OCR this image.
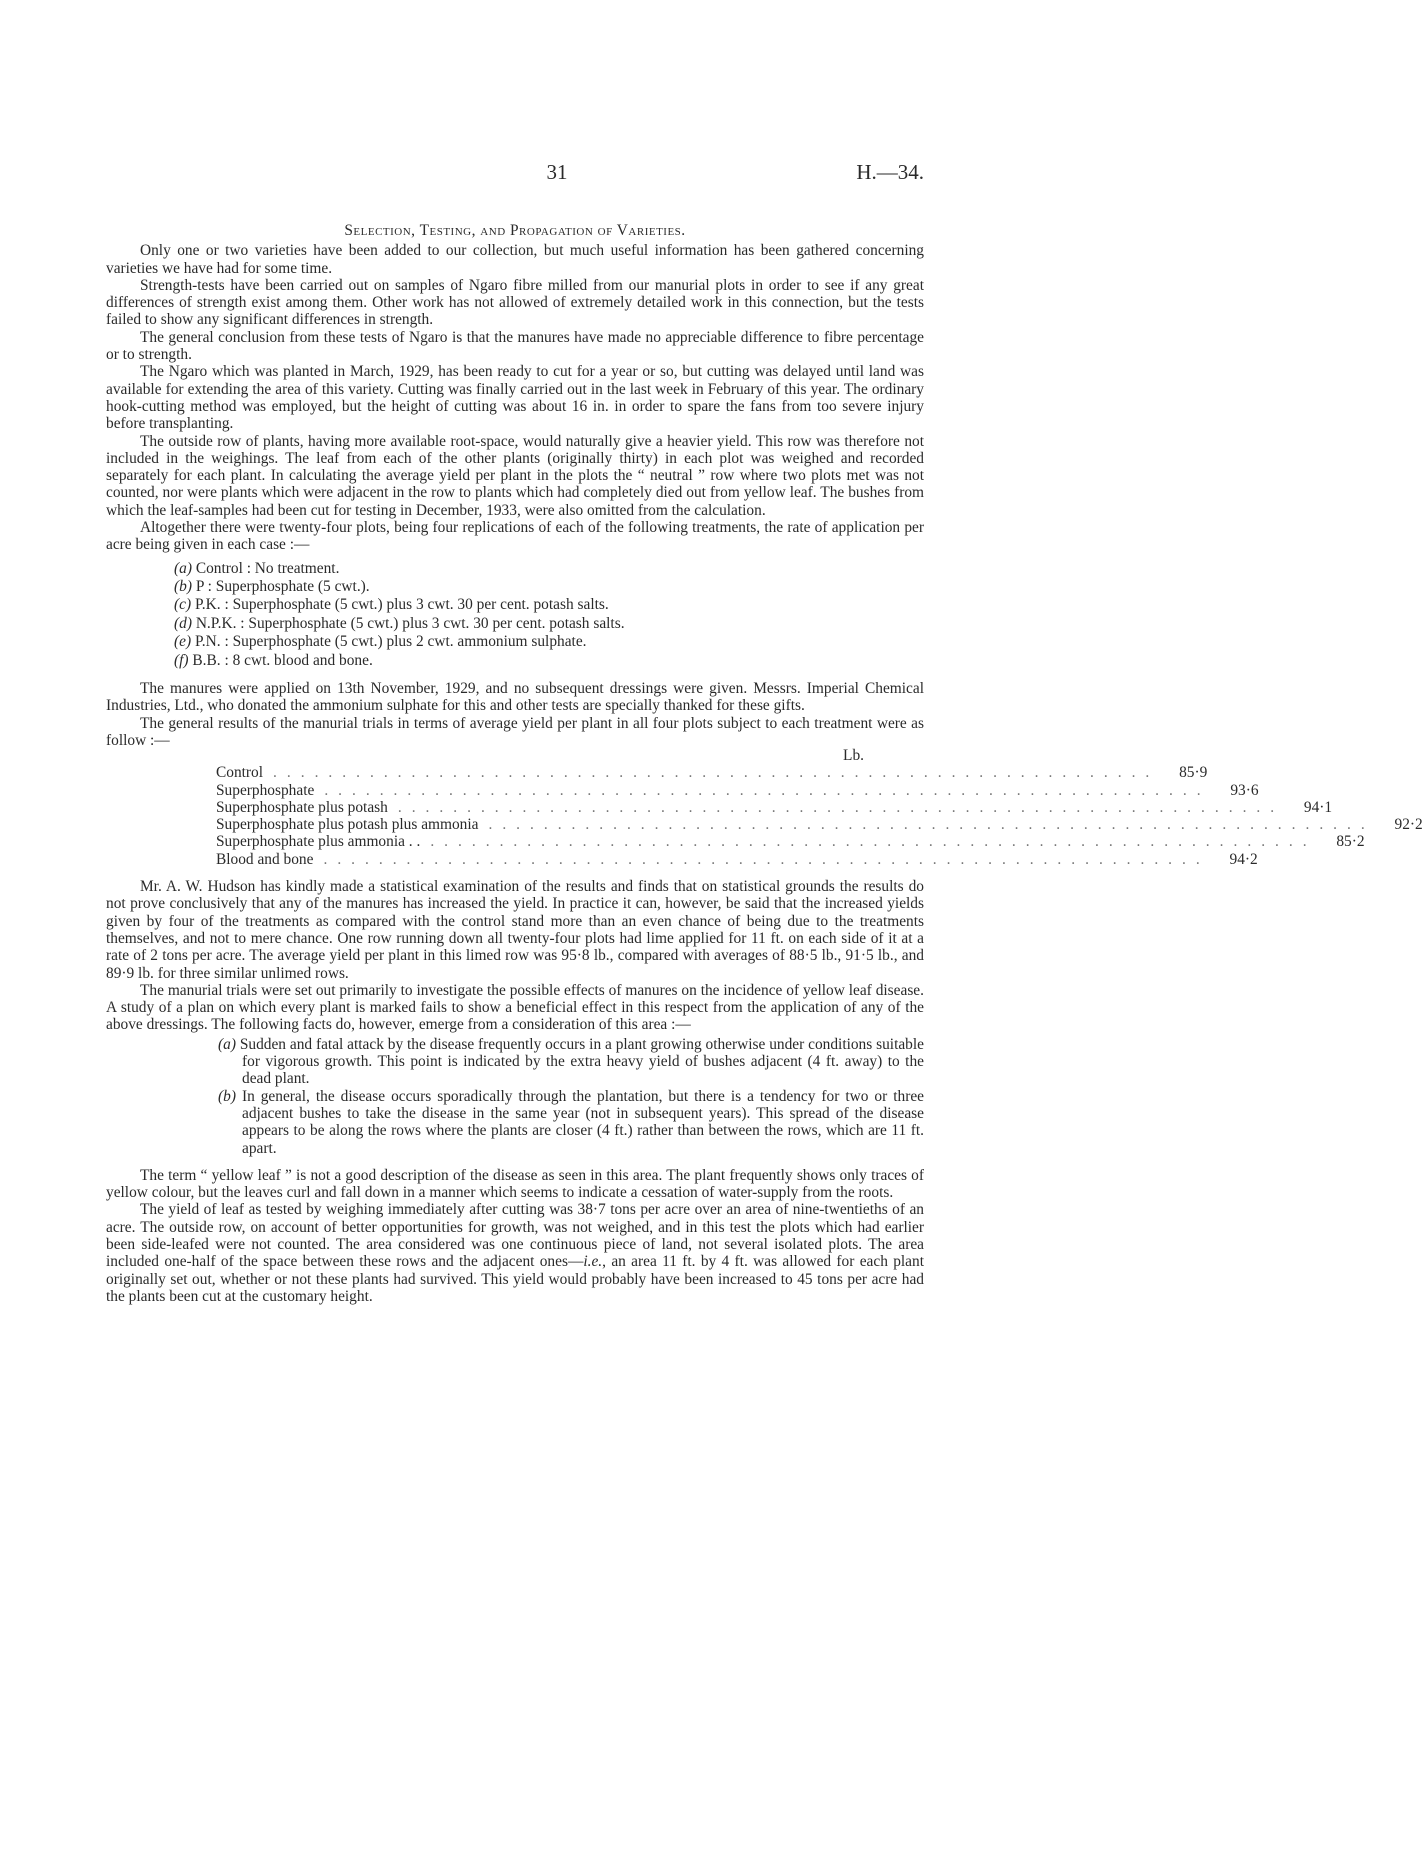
31	H.—34.
Selection, Testing, and Propagation of Varieties.

Only one or two varieties have been added to our collection, but much useful information has been gathered concerning varieties we have had for some time.

Strength-tests have been carried out on samples of Ngaro fibre milled from our manurial plots in order to see if any great differences of strength exist among them. Other work has not allowed of extremely detailed work in this connection, but the tests failed to show any significant differences in strength.

The general conclusion from these tests of Ngaro is that the manures have made no appreciable difference to fibre percentage or to strength.

The Ngaro which was planted in March, 1929, has been ready to cut for a year or so, but cutting was delayed until land was available for extending the area of this variety. Cutting was finally carried out in the last week in February of this year. The ordinary hook-cutting method was employed, but the height of cutting was about 16 in. in order to spare the fans from too severe injury before transplanting.

The outside row of plants, having more available root-space, would naturally give a heavier yield. This row was therefore not included in the weighings. The leaf from each of the other plants (originally thirty) in each plot was weighed and recorded separately for each plant. In calculating the average yield per plant in the plots the “ neutral ” row where two plots met was not counted, nor were plants which were adjacent in the row to plants which had completely died out from yellow leaf. The bushes from which the leaf-samples had been cut for testing in December, 1933, were also omitted from the calculation.

Altogether there were twenty-four plots, being four replications of each of the following treatments, the rate of application per acre being given in each case :—

(a) Control : No treatment.
(b) P : Superphosphate (5 cwt.).
(c) P.K. : Superphosphate (5 cwt.) plus 3 cwt. 30 per cent. potash salts.
(d) N.P.K. : Superphosphate (5 cwt.) plus 3 cwt. 30 per cent. potash salts.
(e) P.N. : Superphosphate (5 cwt.) plus 2 cwt. ammonium sulphate.
(f) B.B. : 8 cwt. blood and bone.

The manures were applied on 13th November, 1929, and no subsequent dressings were given. Messrs. Imperial Chemical Industries, Ltd., who donated the ammonium sulphate for this and other tests are specially thanked for these gifts.

The general results of the manurial trials in terms of average yield per plant in all four plots subject to each treatment were as follow :—

Lb.
Control ................................................................	85·9
Superphosphate ................................................................	93·6
Superphosphate plus potash ................................................................	94·1
Superphosphate plus potash plus ammonia ................................................................	92·2
Superphosphate plus ammonia . . ................................................................	85·2
Blood and bone ................................................................	94·2

Mr. A. W. Hudson has kindly made a statistical examination of the results and finds that on statistical grounds the results do not prove conclusively that any of the manures has increased the yield. In practice it can, however, be said that the increased yields given by four of the treatments as compared with the control stand more than an even chance of being due to the treatments themselves, and not to mere chance. One row running down all twenty-four plots had lime applied for 11 ft. on each side of it at a rate of 2 tons per acre. The average yield per plant in this limed row was 95·8 lb., compared with averages of 88·5 lb., 91·5 lb., and 89·9 lb. for three similar unlimed rows.

The manurial trials were set out primarily to investigate the possible effects of manures on the incidence of yellow leaf disease. A study of a plan on which every plant is marked fails to show a beneficial effect in this respect from the application of any of the above dressings. The following facts do, however, emerge from a consideration of this area :—

(a) Sudden and fatal attack by the disease frequently occurs in a plant growing otherwise under conditions suitable for vigorous growth. This point is indicated by the extra heavy yield of bushes adjacent (4 ft. away) to the dead plant.
(b) In general, the disease occurs sporadically through the plantation, but there is a tendency for two or three adjacent bushes to take the disease in the same year (not in subsequent years). This spread of the disease appears to be along the rows where the plants are closer (4 ft.) rather than between the rows, which are 11 ft. apart.

The term “ yellow leaf ” is not a good description of the disease as seen in this area. The plant frequently shows only traces of yellow colour, but the leaves curl and fall down in a manner which seems to indicate a cessation of water-supply from the roots.

The yield of leaf as tested by weighing immediately after cutting was 38·7 tons per acre over an area of nine-twentieths of an acre. The outside row, on account of better opportunities for growth, was not weighed, and in this test the plots which had earlier been side-leafed were not counted. The area considered was one continuous piece of land, not several isolated plots. The area included one-half of the space between these rows and the adjacent ones—i.e., an area 11 ft. by 4 ft. was allowed for each plant originally set out, whether or not these plants had survived. This yield would probably have been increased to 45 tons per acre had the plants been cut at the customary height.
